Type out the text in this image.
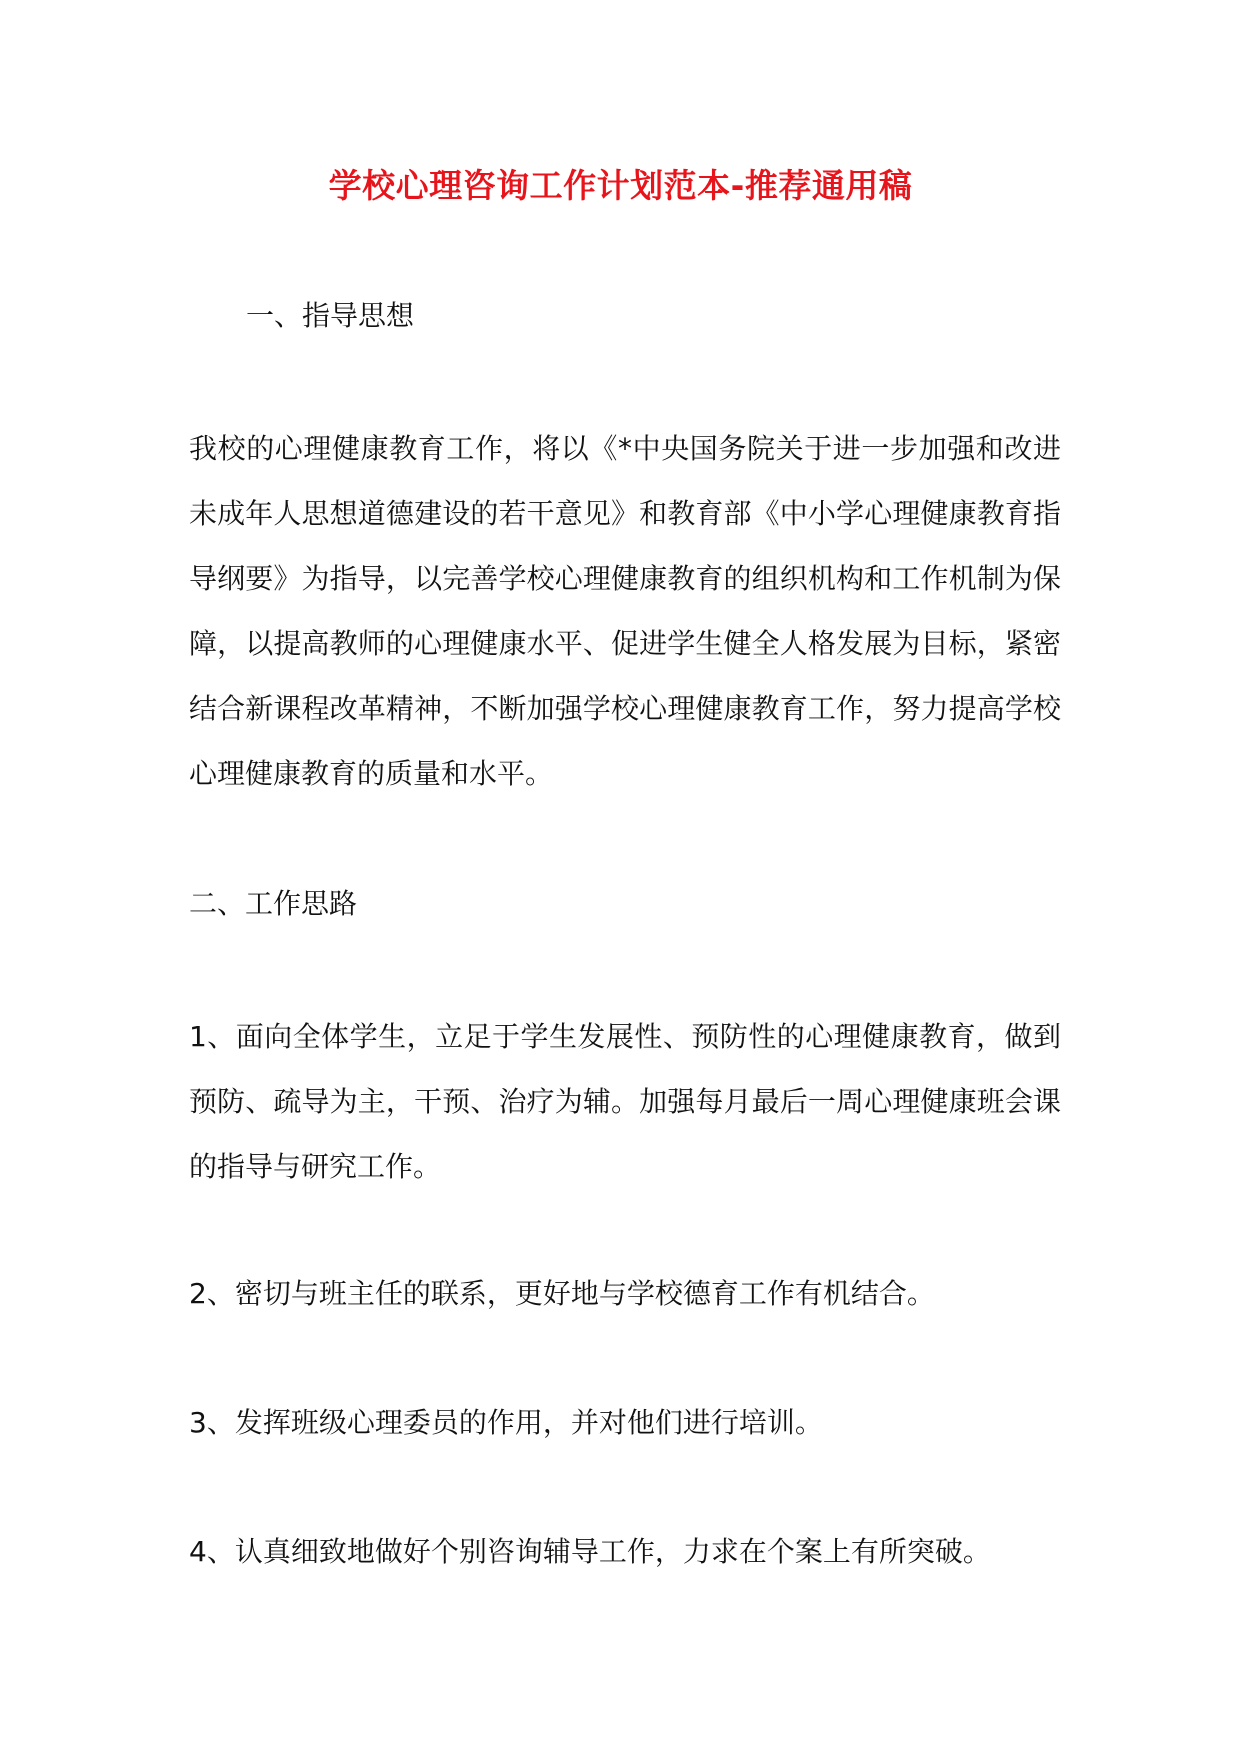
学校心理咨询工作计划范本-推荐通用稿
一、指导思想
我校的心理健康教育工作，将以《*中央国务院关于进一步加强和改进未成年人思想道德建设的若干意见》和教育部《中小学心理健康教育指导纲要》为指导，以完善学校心理健康教育的组织机构和工作机制为保障，以提高教师的心理健康水平、促进学生健全人格发展为目标，紧密结合新课程改革精神，不断加强学校心理健康教育工作，努力提高学校心理健康教育的质量和水平。
二、工作思路
1、面向全体学生，立足于学生发展性、预防性的心理健康教育，做到预防、疏导为主，干预、治疗为辅。加强每月最后一周心理健康班会课的指导与研究工作。
2、密切与班主任的联系，更好地与学校德育工作有机结合。
3、发挥班级心理委员的作用，并对他们进行培训。
4、认真细致地做好个别咨询辅导工作，力求在个案上有所突破。
